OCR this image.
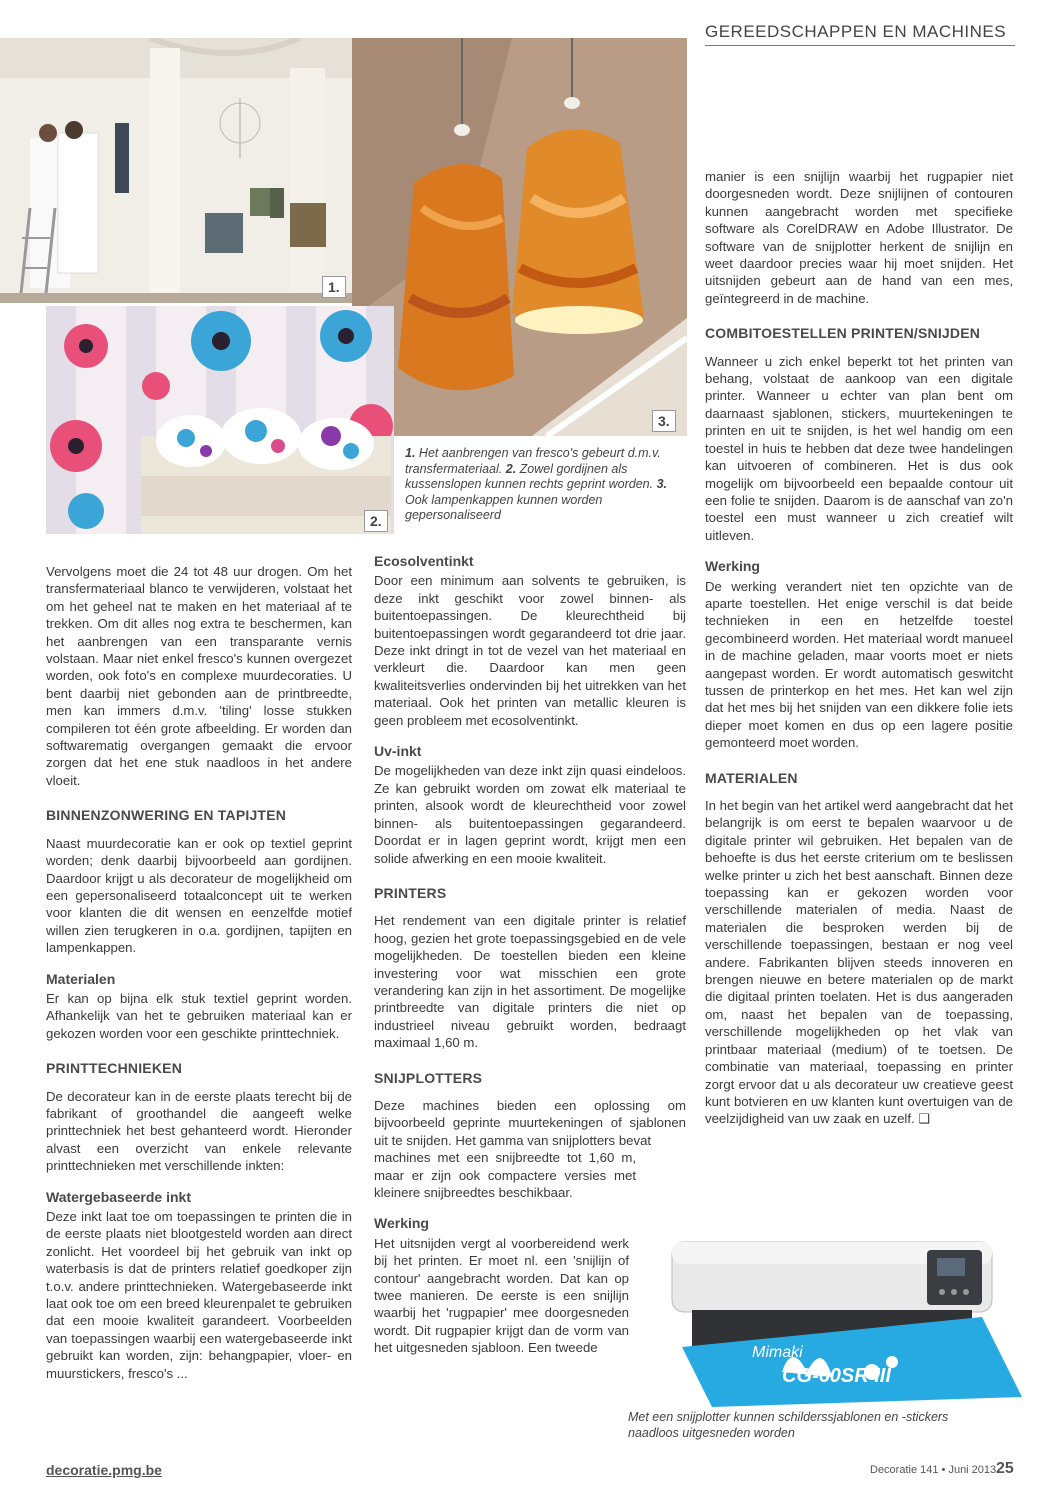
GEREEDSCHAPPEN EN MACHINES
1.
3.
2.
1. Het aanbrengen van fresco's gebeurt d.m.v. transfermateriaal. 2. Zowel gordijnen als kussenslopen kunnen rechts geprint worden. 3. Ook lampenkappen kunnen worden gepersonaliseerd

Vervolgens moet die 24 tot 48 uur drogen. Om het transfermateriaal blanco te verwijderen, volstaat het om het geheel nat te maken en het materiaal af te trekken. Om dit alles nog extra te beschermen, kan het aanbrengen van een transparante vernis volstaan. Maar niet enkel fresco's kunnen overgezet worden, ook foto's en complexe muurdecoraties. U bent daarbij niet gebonden aan de printbreedte, men kan immers d.m.v. 'tiling' losse stukken compileren tot één grote afbeelding. Er worden dan softwarematig overgangen gemaakt die ervoor zorgen dat het ene stuk naadloos in het andere vloeit.

BINNENZONWERING EN TAPIJTEN

Naast muurdecoratie kan er ook op textiel geprint worden; denk daarbij bijvoorbeeld aan gordijnen. Daardoor krijgt u als decorateur de mogelijkheid om een gepersonaliseerd totaalconcept uit te werken voor klanten die dit wensen en eenzelfde motief willen zien terugkeren in o.a. gordijnen, tapijten en lampenkappen.

Materialen

Er kan op bijna elk stuk textiel geprint worden. Afhankelijk van het te gebruiken materiaal kan er gekozen worden voor een geschikte printtechniek.

PRINTTECHNIEKEN

De decorateur kan in de eerste plaats terecht bij de fabrikant of groothandel die aangeeft welke printtechniek het best gehanteerd wordt. Hieronder alvast een overzicht van enkele relevante printtechnieken met verschillende inkten:

Watergebaseerde inkt

Deze inkt laat toe om toepassingen te printen die in de eerste plaats niet blootgesteld worden aan direct zonlicht. Het voordeel bij het gebruik van inkt op waterbasis is dat de printers relatief goedkoper zijn t.o.v. andere printtechnieken. Watergebaseerde inkt laat ook toe om een breed kleurenpalet te gebruiken dat een mooie kwaliteit garandeert. Voorbeelden van toepassingen waarbij een watergebaseerde inkt gebruikt kan worden, zijn: behangpapier, vloer- en muurstickers, fresco's ...

Ecosolventinkt

Door een minimum aan solvents te gebruiken, is deze inkt geschikt voor zowel binnen- als buitentoepassingen. De kleurechtheid bij buitentoepassingen wordt gegarandeerd tot drie jaar. Deze inkt dringt in tot de vezel van het materiaal en verkleurt die. Daardoor kan men geen kwaliteitsverlies ondervinden bij het uitrekken van het materiaal. Ook het printen van metallic kleuren is geen probleem met ecosolventinkt.

Uv-inkt

De mogelijkheden van deze inkt zijn quasi eindeloos. Ze kan gebruikt worden om zowat elk materiaal te printen, alsook wordt de kleurechtheid voor zowel binnen- als buitentoepassingen gegarandeerd. Doordat er in lagen geprint wordt, krijgt men een solide afwerking en een mooie kwaliteit.

PRINTERS

Het rendement van een digitale printer is relatief hoog, gezien het grote toepassingsgebied en de vele mogelijkheden. De toestellen bieden een kleine investering voor wat misschien een grote verandering kan zijn in het assortiment. De mogelijke printbreedte van digitale printers die niet op industrieel niveau gebruikt worden, bedraagt maximaal 1,60 m.

SNIJPLOTTERS

Deze machines bieden een oplossing om bijvoorbeeld geprinte muurtekeningen of sjablonen uit te snijden. Het gamma van snijplotters bevat

machines met een snijbreedte tot 1,60 m, maar er zijn ook compactere versies met kleinere snijbreedtes beschikbaar.

Werking

Het uitsnijden vergt al voorbereidend werk bij het printen. Er moet nl. een 'snijlijn of contour' aangebracht worden. Dat kan op twee manieren. De eerste is een snijlijn waarbij het 'rugpapier' mee doorgesneden wordt. Dit rugpapier krijgt dan de vorm van het uitgesneden sjabloon. Een tweede

manier is een snijlijn waarbij het rugpapier niet doorgesneden wordt. Deze snijlijnen of contouren kunnen aangebracht worden met specifieke software als CorelDRAW en Adobe Illustrator. De software van de snijplotter herkent de snijlijn en weet daardoor precies waar hij moet snijden. Het uitsnijden gebeurt aan de hand van een mes, geïntegreerd in de machine.

COMBITOESTELLEN PRINTEN/SNIJDEN

Wanneer u zich enkel beperkt tot het printen van behang, volstaat de aankoop van een digitale printer. Wanneer u echter van plan bent om daarnaast sjablonen, stickers, muurtekeningen te printen en uit te snijden, is het wel handig om een toestel in huis te hebben dat deze twee handelingen kan uitvoeren of combineren. Het is dus ook mogelijk om bijvoorbeeld een bepaalde contour uit een folie te snijden. Daarom is de aanschaf van zo'n toestel een must wanneer u zich creatief wilt uitleven.

Werking

De werking verandert niet ten opzichte van de aparte toestellen. Het enige verschil is dat beide technieken in een en hetzelfde toestel gecombineerd worden. Het materiaal wordt manueel in de machine geladen, maar voorts moet er niets aangepast worden. Er wordt automatisch geswitcht tussen de printerkop en het mes. Het kan wel zijn dat het mes bij het snijden van een dikkere folie iets dieper moet komen en dus op een lagere positie gemonteerd moet worden.

MATERIALEN

In het begin van het artikel werd aangebracht dat het belangrijk is om eerst te bepalen waarvoor u de digitale printer wil gebruiken. Het bepalen van de behoefte is dus het eerste criterium om te beslissen welke printer u zich het best aanschaft. Binnen deze toepassing kan er gekozen worden voor verschillende materialen of media. Naast de materialen die besproken werden bij de verschillende toepassingen, bestaan er nog veel andere. Fabrikanten blijven steeds innoveren en brengen nieuwe en betere materialen op de markt die digitaal printen toelaten. Het is dus aangeraden om, naast het bepalen van de toepassing, verschillende mogelijkheden op het vlak van printbaar materiaal (medium) of te toetsen. De combinatie van materiaal, toepassing en printer zorgt ervoor dat u als decorateur uw creatieve geest kunt botvieren en uw klanten kunt overtuigen van de veelzijdigheid van uw zaak en uzelf. ❑

Mimaki
CG-60SR III
Met een snijplotter kunnen schilderssjablonen en -stickers naadloos uitgesneden worden
decoratie.pmg.be	Decoratie 141 • Juni 2013 25
